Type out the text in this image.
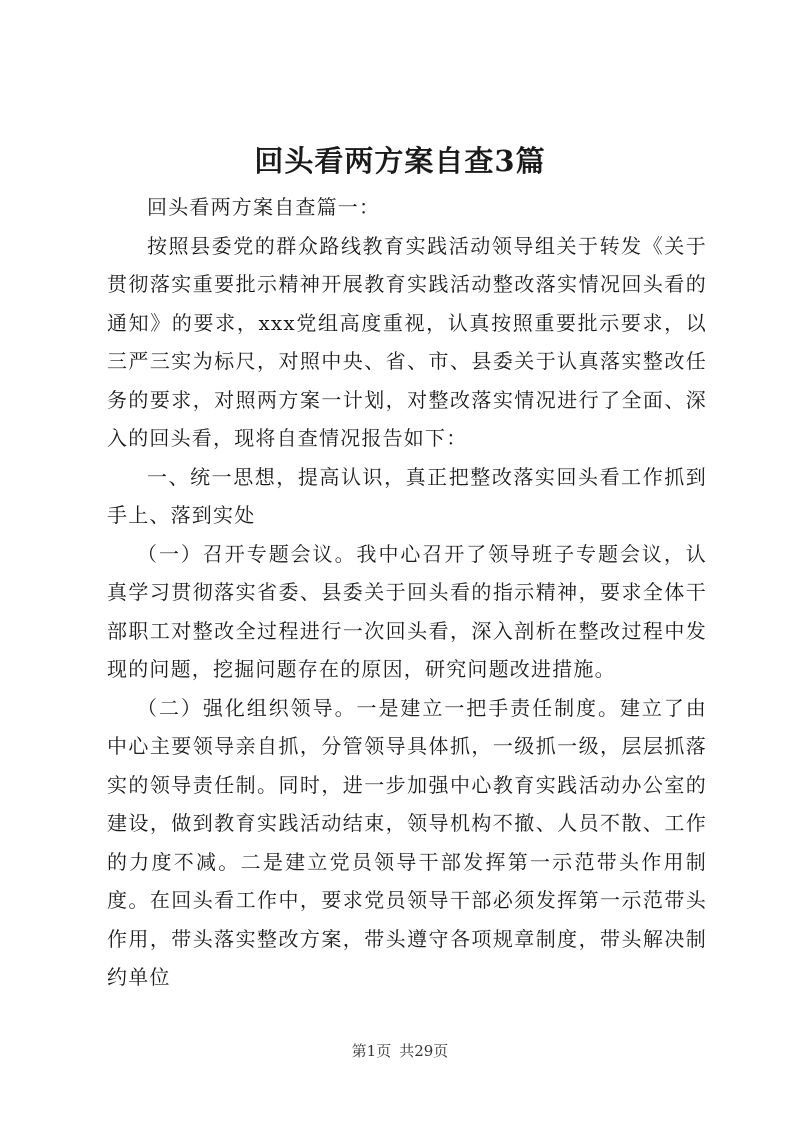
回头看两方案自查3篇

回头看两方案自查篇一：

按照县委党的群众路线教育实践活动领导组关于转发《关于贯彻落实重要批示精神开展教育实践活动整改落实情况回头看的通知》的要求，xxx党组高度重视，认真按照重要批示要求，以三严三实为标尺，对照中央、省、市、县委关于认真落实整改任务的要求，对照两方案一计划，对整改落实情况进行了全面、深入的回头看，现将自查情况报告如下：

一、统一思想，提高认识，真正把整改落实回头看工作抓到手上、落到实处

（一）召开专题会议。我中心召开了领导班子专题会议，认真学习贯彻落实省委、县委关于回头看的指示精神，要求全体干部职工对整改全过程进行一次回头看，深入剖析在整改过程中发现的问题，挖掘问题存在的原因，研究问题改进措施。

（二）强化组织领导。一是建立一把手责任制度。建立了由中心主要领导亲自抓，分管领导具体抓，一级抓一级，层层抓落实的领导责任制。同时，进一步加强中心教育实践活动办公室的建设，做到教育实践活动结束，领导机构不撤、人员不散、工作的力度不减。二是建立党员领导干部发挥第一示范带头作用制度。在回头看工作中，要求党员领导干部必须发挥第一示范带头作用，带头落实整改方案，带头遵守各项规章制度，带头解决制约单位

第1页 共29页
